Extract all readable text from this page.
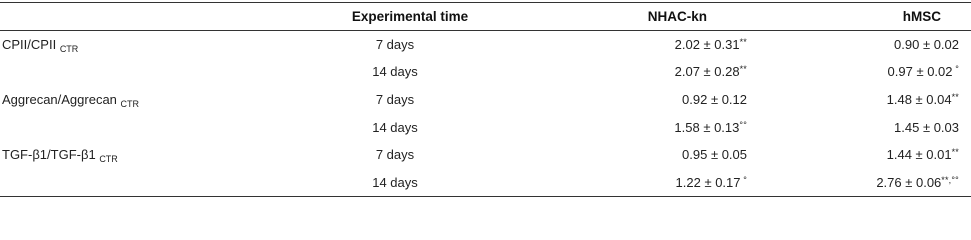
	Experimental time	NHAC-kn	hMSC
CPII/CPII $_{CTR}$	7 days	2.02 ± 0.31**	0.90 ± 0.02
	14 days	2.07 ± 0.28**	0.97 ± 0.02 °
Aggrecan/Aggrecan $_{CTR}$	7 days	0.92 ± 0.12	1.48 ± 0.04**
	14 days	1.58 ± 0.13°°	1.45 ± 0.03
TGF-β1/TGF-β1 $_{CTR}$	7 days	0.95 ± 0.05	1.44 ± 0.01**
	14 days	1.22 ± 0.17 °	2.76 ± 0.06**,°°
